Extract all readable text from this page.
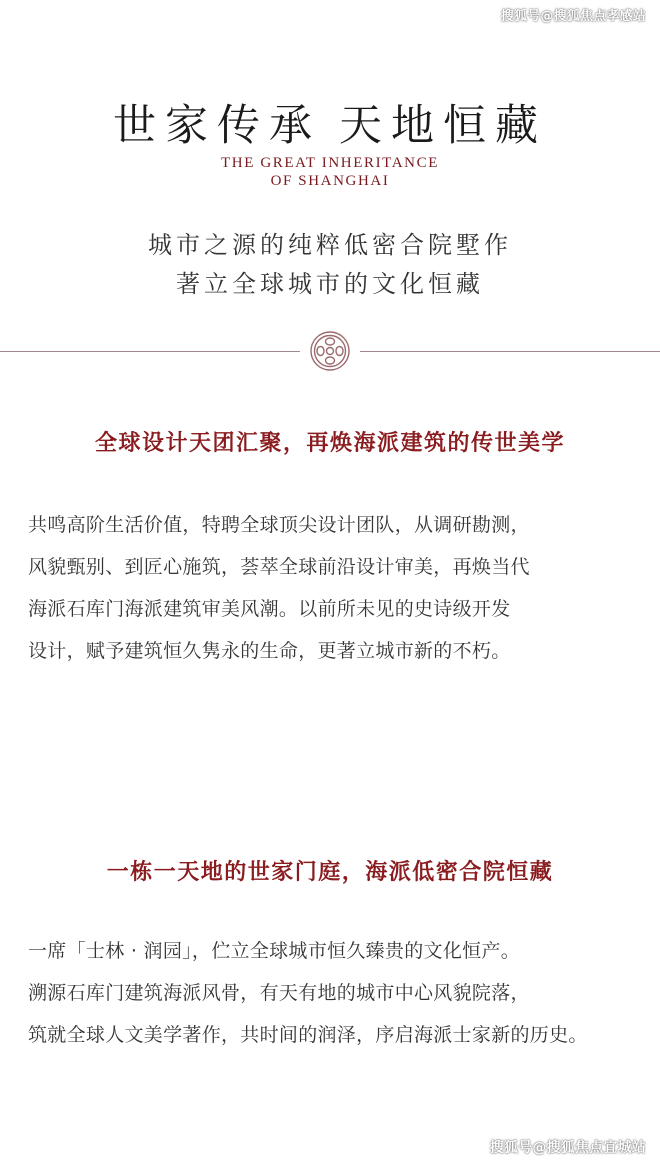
搜狐号@搜狐焦点孝感站
世家传承 天地恒藏
THE GREAT INHERITANCE
OF SHANGHAI
城市之源的纯粹低密合院墅作
著立全球城市的文化恒藏
全球设计天团汇聚，再焕海派建筑的传世美学
共鸣高阶生活价值，特聘全球顶尖设计团队，从调研勘测，
风貌甄别、到匠心施筑，荟萃全球前沿设计审美，再焕当代
海派石库门海派建筑审美风潮。以前所未见的史诗级开发
设计，赋予建筑恒久隽永的生命，更著立城市新的不朽。
一栋一天地的世家门庭，海派低密合院恒藏
一席「士林 · 润园」，伫立全球城市恒久臻贵的文化恒产。
溯源石库门建筑海派风骨，有天有地的城市中心风貌院落，
筑就全球人文美学著作，共时间的润泽，序启海派士家新的历史。
搜狐号@搜狐焦点宜城站
